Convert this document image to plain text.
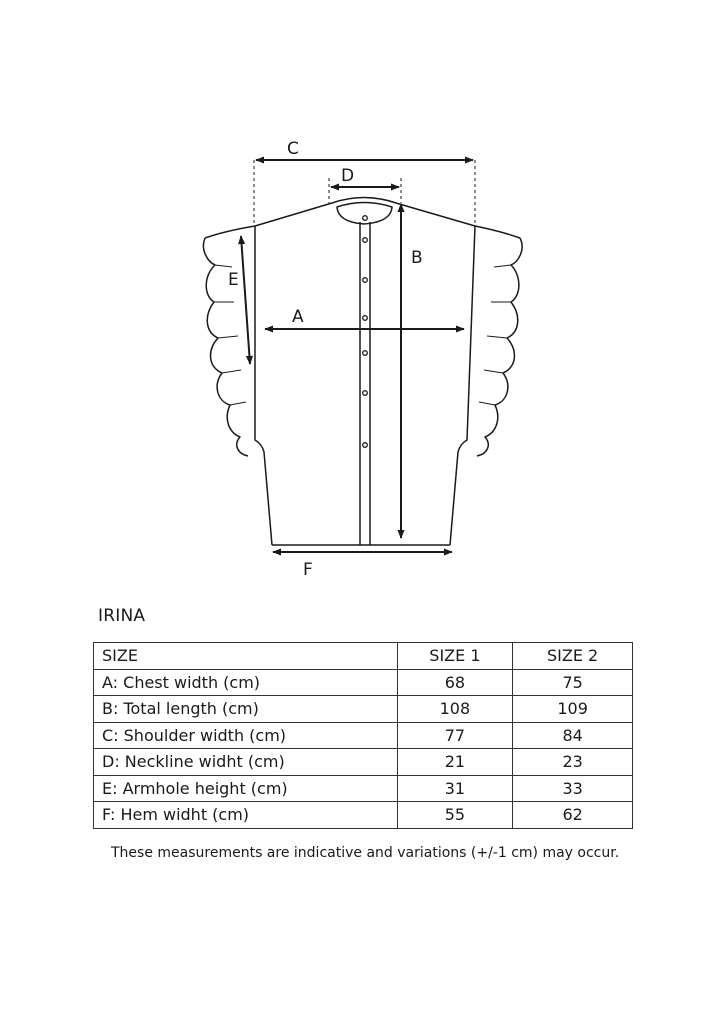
C
D
B
E
A
F
IRINA
SIZE	SIZE 1	SIZE 2
A: Chest width (cm)	68	75
B: Total length (cm)	108	109
C: Shoulder width (cm)	77	84
D: Neckline widht (cm)	21	23
E: Armhole height (cm)	31	33
F: Hem widht (cm)	55	62
These measurements are indicative and variations (+/-1 cm) may occur.
